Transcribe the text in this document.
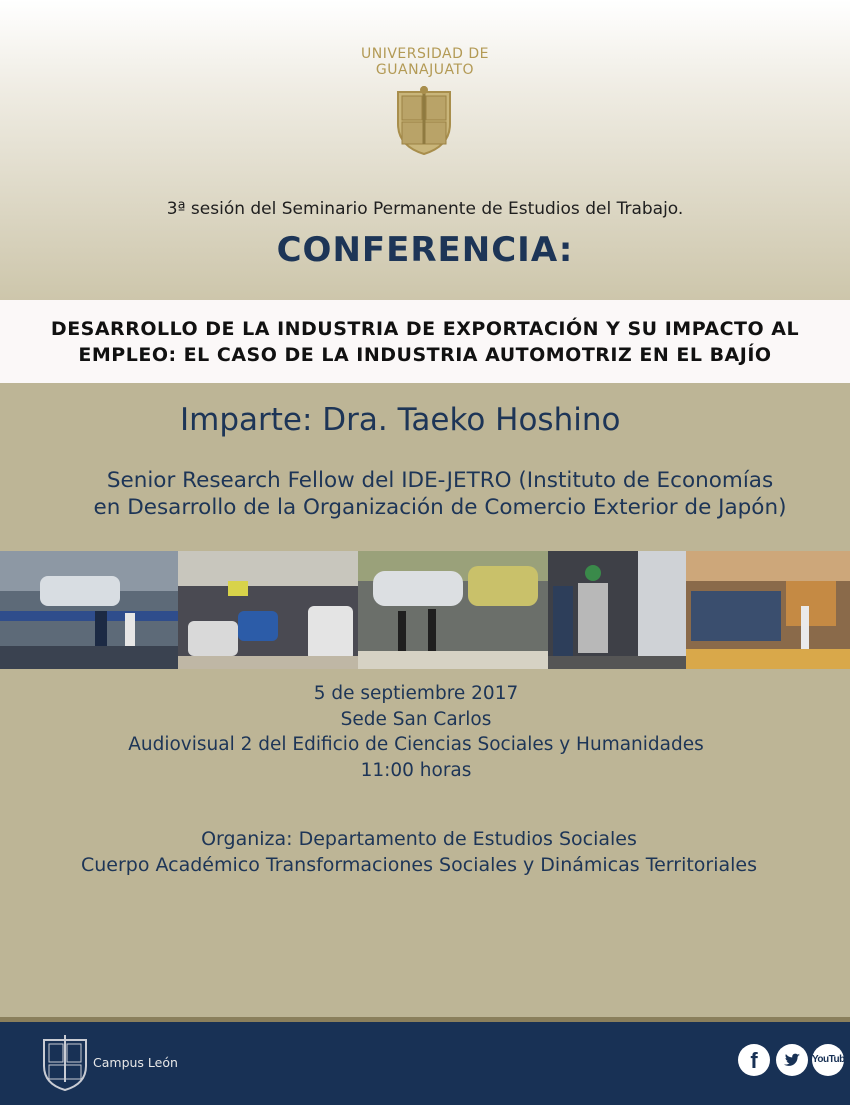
UNIVERSIDAD DE
GUANAJUATO
3ª sesión del Seminario Permanente de Estudios del Trabajo.
CONFERENCIA:
DESARROLLO DE LA INDUSTRIA DE EXPORTACIÓN Y SU IMPACTO AL
EMPLEO: EL CASO DE LA INDUSTRIA AUTOMOTRIZ EN EL BAJÍO
Imparte: Dra. Taeko Hoshino
Senior Research Fellow del IDE-JETRO (Instituto de Economías
en Desarrollo de la Organización de Comercio Exterior de Japón)
5 de septiembre 2017
Sede San Carlos
Audiovisual 2 del Edificio de Ciencias Sociales y Humanidades
11:00 horas
Organiza: Departamento de Estudios Sociales
Cuerpo Académico Transformaciones Sociales y Dinámicas Territoriales
Campus León	f	YouTube
